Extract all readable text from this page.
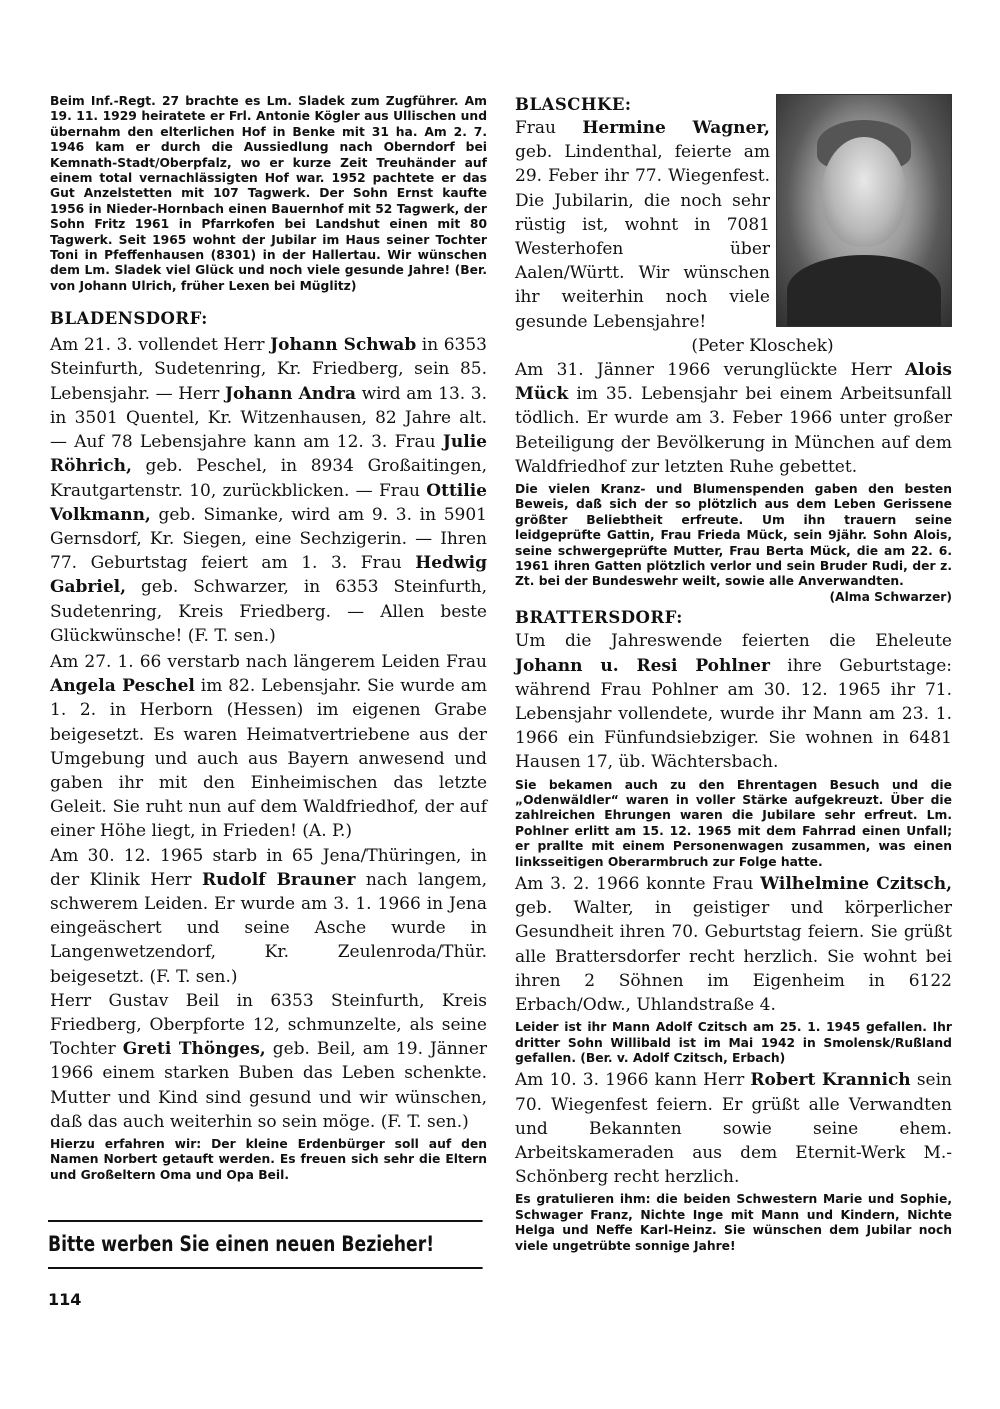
Beim Inf.-Regt. 27 brachte es Lm. Sladek zum Zugführer. Am 19. 11. 1929 heiratete er Frl. Antonie Kögler aus Ullischen und übernahm den elterlichen Hof in Benke mit 31 ha. Am 2. 7. 1946 kam er durch die Aussiedlung nach Oberndorf bei Kemnath-Stadt/Oberpfalz, wo er kurze Zeit Treuhänder auf einem total vernachlässigten Hof war. 1952 pachtete er das Gut Anzelstetten mit 107 Tagwerk. Der Sohn Ernst kaufte 1956 in Nieder-Hornbach einen Bauernhof mit 52 Tagwerk, der Sohn Fritz 1961 in Pfarrkofen bei Landshut einen mit 80 Tagwerk. Seit 1965 wohnt der Jubilar im Haus seiner Tochter Toni in Pfeffenhausen (8301) in der Hallertau. Wir wünschen dem Lm. Sladek viel Glück und noch viele gesunde Jahre! (Ber. von Johann Ulrich, früher Lexen bei Müglitz)

BLADENSDORF:

Am 21. 3. vollendet Herr Johann Schwab in 6353 Steinfurth, Sudetenring, Kr. Friedberg, sein 85. Lebensjahr. — Herr Johann Andra wird am 13. 3. in 3501 Quentel, Kr. Witzenhausen, 82 Jahre alt. — Auf 78 Lebensjahre kann am 12. 3. Frau Julie Röhrich, geb. Peschel, in 8934 Großaitingen, Krautgartenstr. 10, zurückblicken. — Frau Ottilie Volkmann, geb. Simanke, wird am 9. 3. in 5901 Gernsdorf, Kr. Siegen, eine Sechzigerin. — Ihren 77. Geburtstag feiert am 1. 3. Frau Hedwig Gabriel, geb. Schwarzer, in 6353 Steinfurth, Sudetenring, Kreis Friedberg. — Allen beste Glückwünsche! (F. T. sen.)

Am 27. 1. 66 verstarb nach längerem Leiden Frau Angela Peschel im 82. Lebensjahr. Sie wurde am 1. 2. in Herborn (Hessen) im eigenen Grabe beigesetzt. Es waren Heimatvertriebene aus der Umgebung und auch aus Bayern anwesend und gaben ihr mit den Einheimischen das letzte Geleit. Sie ruht nun auf dem Waldfriedhof, der auf einer Höhe liegt, in Frieden! (A. P.)

Am 30. 12. 1965 starb in 65 Jena/Thüringen, in der Klinik Herr Rudolf Brauner nach langem, schwerem Leiden. Er wurde am 3. 1. 1966 in Jena eingeäschert und seine Asche wurde in Langenwetzendorf, Kr. Zeulenroda/Thür. beigesetzt. (F. T. sen.)

Herr Gustav Beil in 6353 Steinfurth, Kreis Friedberg, Oberpforte 12, schmunzelte, als seine Tochter Greti Thönges, geb. Beil, am 19. Jänner 1966 einem starken Buben das Leben schenkte. Mutter und Kind sind gesund und wir wünschen, daß das auch weiterhin so sein möge. (F. T. sen.)

Hierzu erfahren wir: Der kleine Erdenbürger soll auf den Namen Norbert getauft werden. Es freuen sich sehr die Eltern und Großeltern Oma und Opa Beil.

Bitte werben Sie einen neuen Bezieher!
114

BLASCHKE:

Frau Hermine Wagner, geb. Lindenthal, feierte am 29. Feber ihr 77. Wiegenfest. Die Jubilarin, die noch sehr rüstig ist, wohnt in 7081 Westerhofen über Aalen/Württ. Wir wünschen ihr weiterhin noch viele gesunde Lebensjahre!

(Peter Kloschek)

Am 31. Jänner 1966 verunglückte Herr Alois Mück im 35. Lebensjahr bei einem Arbeitsunfall tödlich. Er wurde am 3. Feber 1966 unter großer Beteiligung der Bevölkerung in München auf dem Waldfriedhof zur letzten Ruhe gebettet.

Die vielen Kranz- und Blumenspenden gaben den besten Beweis, daß sich der so plötzlich aus dem Leben Gerissene größter Beliebtheit erfreute. Um ihn trauern seine leidgeprüfte Gattin, Frau Frieda Mück, sein 9jähr. Sohn Alois, seine schwergeprüfte Mutter, Frau Berta Mück, die am 22. 6. 1961 ihren Gatten plötzlich verlor und sein Bruder Rudi, der z. Zt. bei der Bundeswehr weilt, sowie alle Anverwandten.

(Alma Schwarzer)

BRATTERSDORF:

Um die Jahreswende feierten die Eheleute Johann u. Resi Pohlner ihre Geburtstage: während Frau Pohlner am 30. 12. 1965 ihr 71. Lebensjahr vollendete, wurde ihr Mann am 23. 1. 1966 ein Fünfundsiebziger. Sie wohnen in 6481 Hausen 17, üb. Wächtersbach.

Sie bekamen auch zu den Ehrentagen Besuch und die „Odenwäldler“ waren in voller Stärke aufgekreuzt. Über die zahlreichen Ehrungen waren die Jubilare sehr erfreut. Lm. Pohlner erlitt am 15. 12. 1965 mit dem Fahrrad einen Unfall; er prallte mit einem Personenwagen zusammen, was einen linksseitigen Oberarmbruch zur Folge hatte.

Am 3. 2. 1966 konnte Frau Wilhelmine Czitsch, geb. Walter, in geistiger und körperlicher Gesundheit ihren 70. Geburtstag feiern. Sie grüßt alle Brattersdorfer recht herzlich. Sie wohnt bei ihren 2 Söhnen im Eigenheim in 6122 Erbach/Odw., Uhlandstraße 4.

Leider ist ihr Mann Adolf Czitsch am 25. 1. 1945 gefallen. Ihr dritter Sohn Willibald ist im Mai 1942 in Smolensk/Rußland gefallen. (Ber. v. Adolf Czitsch, Erbach)

Am 10. 3. 1966 kann Herr Robert Krannich sein 70. Wiegenfest feiern. Er grüßt alle Verwandten und Bekannten sowie seine ehem. Arbeitskameraden aus dem Eternit-Werk M.-Schönberg recht herzlich.

Es gratulieren ihm: die beiden Schwestern Marie und Sophie, Schwager Franz, Nichte Inge mit Mann und Kindern, Nichte Helga und Neffe Karl-Heinz. Sie wünschen dem Jubilar noch viele ungetrübte sonnige Jahre!
